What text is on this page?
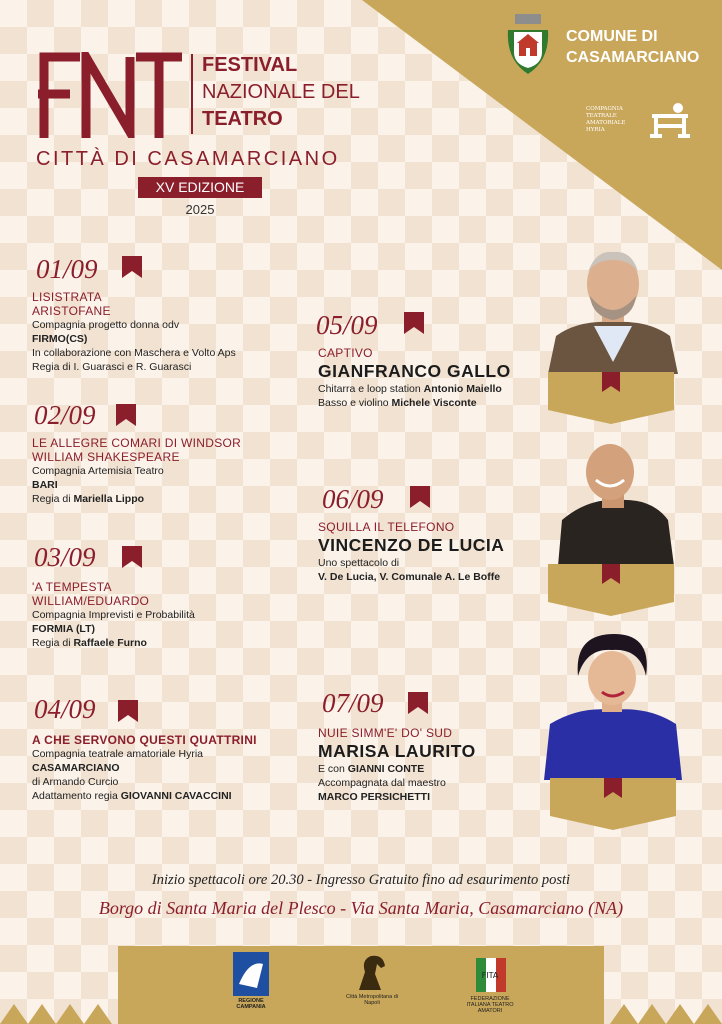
COMUNE DI
CASAMARCIANO
COMPAGNIA TEATRALE AMATORIALE HYRIA
FESTIVAL
NAZIONALE DEL
TEATRO
CITTÀ DI CASAMARCIANO
XV EDIZIONE
2025
01/09
LISISTRATA
ARISTOFANE
Compagnia progetto donna odv
FIRMO(CS)
In collaborazione con Maschera e Volto Aps
Regia di I. Guarasci e R. Guarasci
02/09
LE ALLEGRE COMARI DI WINDSOR
WILLIAM SHAKESPEARE
Compagnia Artemisia Teatro
BARI
Regia di Mariella Lippo
03/09
'A TEMPESTA
WILLIAM/EDUARDO
Compagnia Imprevisti e Probabilità
FORMIA (LT)
Regia di Raffaele Furno
04/09
A CHE SERVONO QUESTI QUATTRINI
Compagnia teatrale amatoriale Hyria
CASAMARCIANO
di Armando Curcio
Adattamento regia GIOVANNI CAVACCINI
05/09
CAPTIVO
GIANFRANCO GALLO
Chitarra e loop station Antonio Maiello
Basso e violino Michele Visconte
06/09
SQUILLA IL TELEFONO
VINCENZO DE LUCIA
Uno spettacolo di
V. De Lucia, V. Comunale A. Le Boffe
07/09
NUIE SIMM'E' DO' SUD
MARISA LAURITO
E con GIANNI CONTE
Accompagnata dal maestro
MARCO PERSICHETTI
Inizio spettacoli ore 20.30 - Ingresso Gratuito fino ad esaurimento posti
Borgo di Santa Maria del Plesco - Via Santa Maria, Casamarciano (NA)
REGIONE CAMPANIA
Città Metropolitana di Napoli
FITA
FEDERAZIONE ITALIANA TEATRO AMATORI
